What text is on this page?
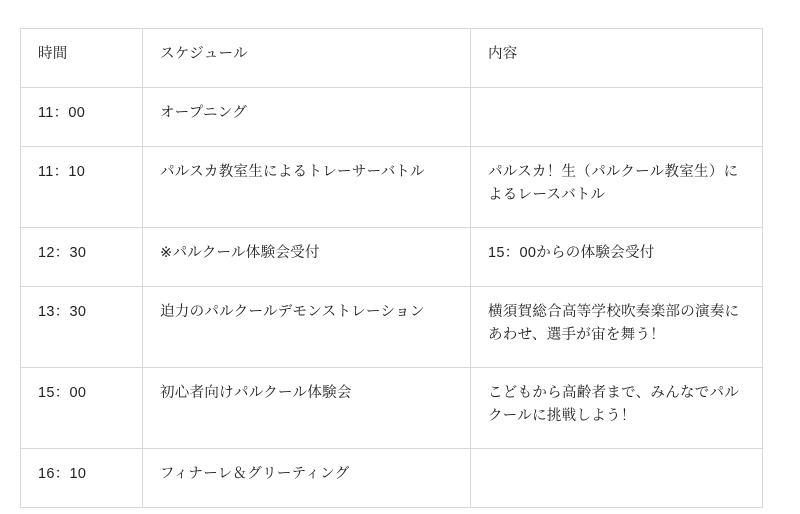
時間	スケジュール	内容
11：00	オープニング	
11：10	パルスカ教室生によるトレーサーバトル	パルスカ！生（パルクール教室生）によるレースバトル
12：30	※パルクール体験会受付	15：00からの体験会受付
13：30	迫力のパルクールデモンストレーション	横須賀総合高等学校吹奏楽部の演奏にあわせ、選手が宙を舞う！
15：00	初心者向けパルクール体験会	こどもから高齢者まで、みんなでパルクールに挑戦しよう！
16：10	フィナーレ＆グリーティング	
